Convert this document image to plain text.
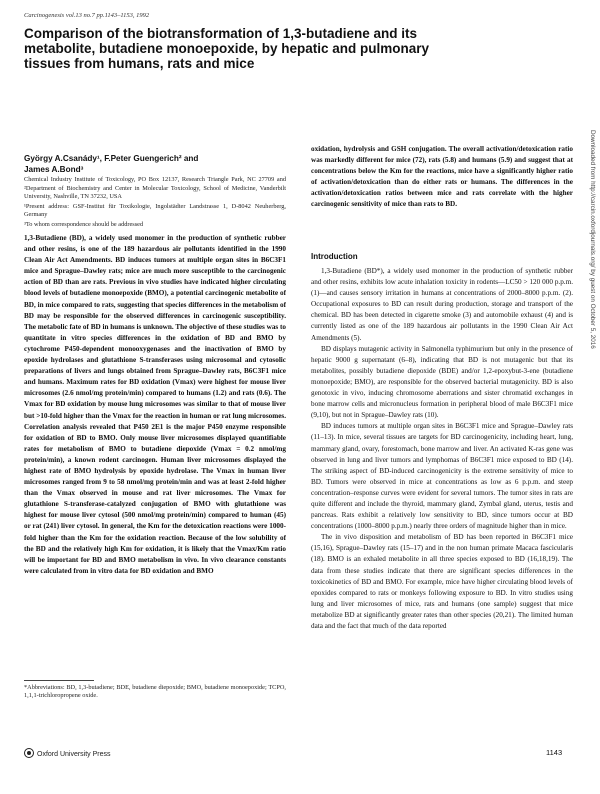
Carcinogenesis vol.13 no.7 pp.1143–1153, 1992
Comparison of the biotransformation of 1,3-butadiene and its
metabolite, butadiene monoepoxide, by hepatic and pulmonary
tissues from humans, rats and mice

György A.Csanády¹, F.Peter Guengerich² and

James A.Bond³

Chemical Industry Institute of Toxicology, PO Box 12137, Research Triangle Park, NC 27709 and ²Department of Biochemistry and Center in Molecular Toxicology, School of Medicine, Vanderbilt University, Nashville, TN 37232, USA

¹Present address: GSF-Institut für Toxikologie, Ingolstädter Landstrasse 1, D-8042 Neuherberg, Germany

³To whom correspondence should be addressed

1,3-Butadiene (BD), a widely used monomer in the production of synthetic rubber and other resins, is one of the 189 hazardous air pollutants identified in the 1990 Clean Air Act Amendments. BD induces tumors at multiple organ sites in B6C3F1 mice and Sprague–Dawley rats; mice are much more susceptible to the carcinogenic action of BD than are rats. Previous in vivo studies have indicated higher circulating blood levels of butadiene monoepoxide (BMO), a potential carcinogenic metabolite of BD, in mice compared to rats, suggesting that species differences in the metabolism of BD may be responsible for the observed differences in carcinogenic susceptibility. The metabolic fate of BD in humans is unknown. The objective of these studies was to quantitate in vitro species differences in the oxidation of BD and BMO by cytochrome P450-dependent monooxygenases and the inactivation of BMO by epoxide hydrolases and glutathione S-transferases using microsomal and cytosolic preparations of livers and lungs obtained from Sprague–Dawley rats, B6C3F1 mice and humans. Maximum rates for BD oxidation (Vmax) were highest for mouse liver microsomes (2.6 nmol/mg protein/min) compared to humans (1.2) and rats (0.6). The Vmax for BD oxidation by mouse lung microsomes was similar to that of mouse liver but >10-fold higher than the Vmax for the reaction in human or rat lung microsomes. Correlation analysis revealed that P450 2E1 is the major P450 enzyme responsible for oxidation of BD to BMO. Only mouse liver microsomes displayed quantifiable rates for metabolism of BMO to butadiene diepoxide (Vmax = 0.2 nmol/mg protein/min), a known rodent carcinogen. Human liver microsomes displayed the highest rate of BMO hydrolysis by epoxide hydrolase. The Vmax in human liver microsomes ranged from 9 to 58 nmol/mg protein/min and was at least 2-fold higher than the Vmax observed in mouse and rat liver microsomes. The Vmax for glutathione S-transferase-catalyzed conjugation of BMO with glutathione was highest for mouse liver cytosol (500 nmol/mg protein/min) compared to human (45) or rat (241) liver cytosol. In general, the Km for the detoxication reactions were 1000-fold higher than the Km for the oxidation reaction. Because of the low solubility of the BD and the relatively high Km for oxidation, it is likely that the Vmax/Km ratio will be important for BD and BMO metabolism in vivo. In vivo clearance constants were calculated from in vitro data for BD oxidation and BMO

*Abbreviations: BD, 1,3-butadiene; BDE, butadiene diepoxide; BMO, butadiene monoepoxide; TCPO, 1,1,1-trichloropropene oxide.

Oxford University Press

oxidation, hydrolysis and GSH conjugation. The overall activation/detoxication ratio was markedly different for mice (72), rats (5.8) and humans (5.9) and suggest that at concentrations below the Km for the reactions, mice have a significantly higher ratio of activation/detoxication than do either rats or humans. The differences in the activation/detoxication ratios between mice and rats correlate with the higher carcinogenic sensitivity of mice than rats to BD.

Introduction

1,3-Butadiene (BD*), a widely used monomer in the production of synthetic rubber and other resins, exhibits low acute inhalation toxicity in rodents—LC50 > 120 000 p.p.m. (1)—and causes sensory irritation in humans at concentrations of 2000–8000 p.p.m. (2). Occupational exposures to BD can result during production, storage and transport of the chemical. BD has been detected in cigarette smoke (3) and automobile exhaust (4) and is currently listed as one of the 189 hazardous air pollutants in the 1990 Clean Air Act Amendments (5).

BD displays mutagenic activity in Salmonella typhimurium but only in the presence of hepatic 9000 g supernatant (6–8), indicating that BD is not mutagenic but that its metabolites, possibly butadiene diepoxide (BDE) and/or 1,2-epoxybut-3-ene (butadiene monoepoxide; BMO), are responsible for the observed bacterial mutagenicity. BD is also genotoxic in vivo, inducing chromosome aberrations and sister chromatid exchanges in bone marrow cells and micronucleus formation in peripheral blood of male B6C3F1 mice (9,10), but not in Sprague–Dawley rats (10).

BD induces tumors at multiple organ sites in B6C3F1 mice and Sprague–Dawley rats (11–13). In mice, several tissues are targets for BD carcinogenicity, including heart, lung, mammary gland, ovary, forestomach, bone marrow and liver. An activated K-ras gene was observed in lung and liver tumors and lymphomas of B6C3F1 mice exposed to BD (14). The striking aspect of BD-induced carcinogenicity is the extreme sensitivity of mice to BD. Tumors were observed in mice at concentrations as low as 6 p.p.m. and steep concentration–response curves were evident for several tumors. The tumor sites in rats are quite different and include the thyroid, mammary gland, Zymbal gland, uterus, testis and pancreas. Rats exhibit a relatively low sensitivity to BD, since tumors occur at BD concentrations (1000–8000 p.p.m.) nearly three orders of magnitude higher than in mice.

The in vivo disposition and metabolism of BD has been reported in B6C3F1 mice (15,16), Sprague–Dawley rats (15–17) and in the non human primate Macaca fascicularis (18). BMO is an exhaled metabolite in all three species exposed to BD (16,18,19). The data from these studies indicate that there are significant species differences in the toxicokinetics of BD and BMO. For example, mice have higher circulating blood levels of epoxides compared to rats or monkeys following exposure to BD. In vitro studies using lung and liver microsomes of mice, rats and humans (one sample) suggest that mice metabolize BD at significantly greater rates than other species (20,21). The limited human data and the fact that much of the data reported

1143
Downloaded from http://carcin.oxfordjournals.org/ by guest on October 5, 2016
